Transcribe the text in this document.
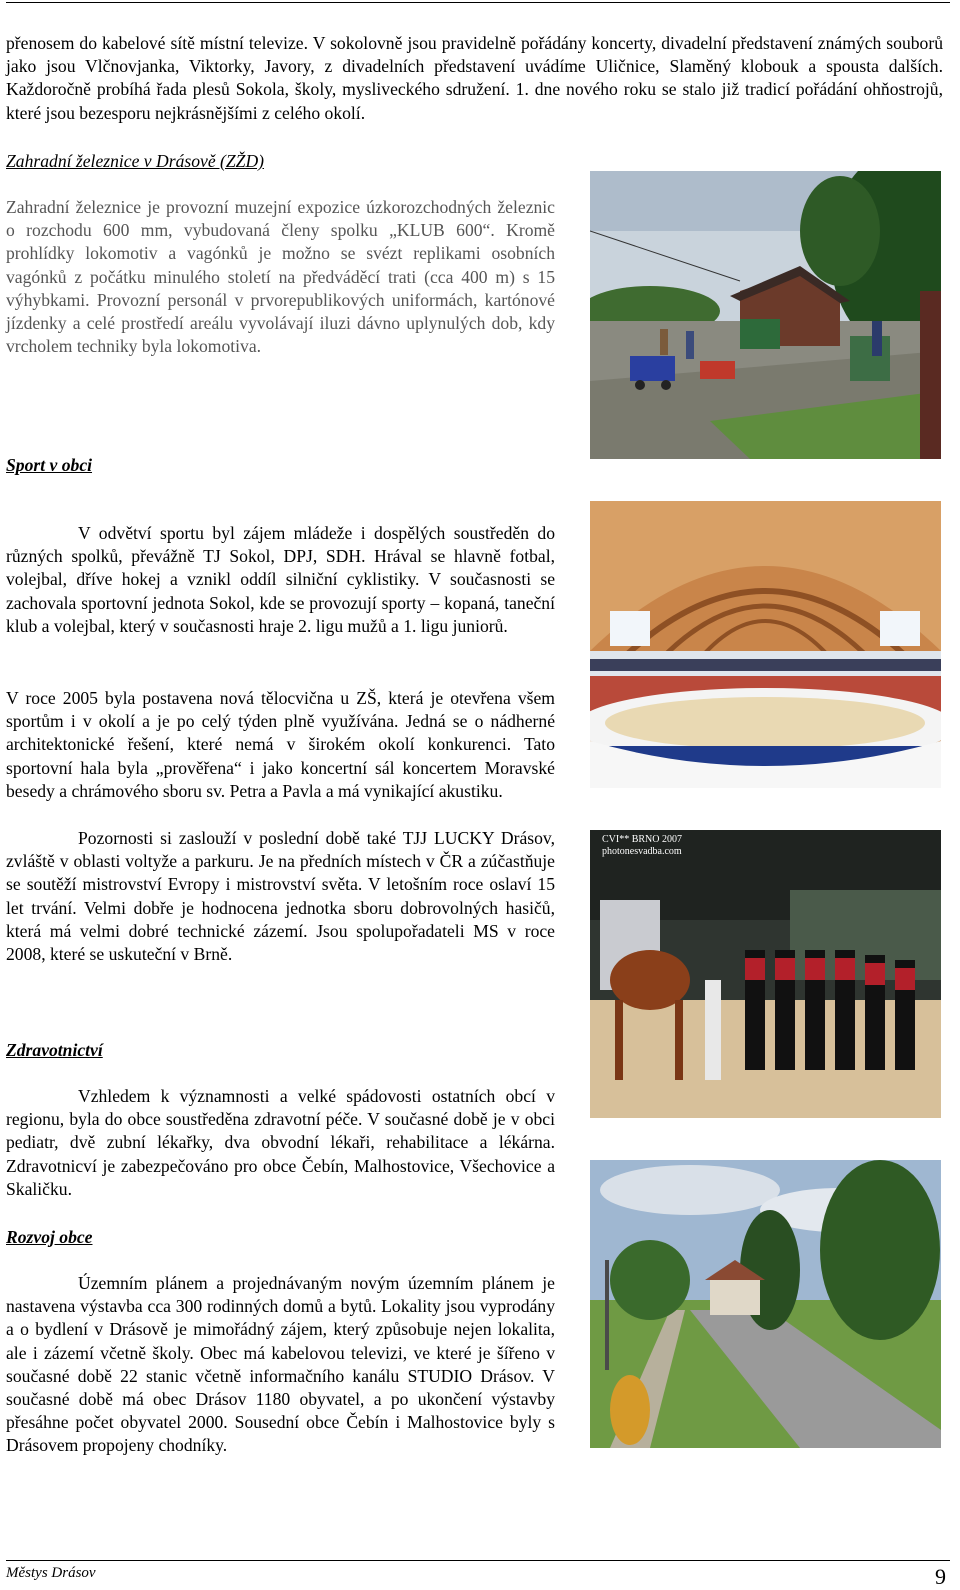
přenosem do kabelové sítě místní televize. V sokolovně jsou pravidelně pořádány koncerty, divadelní představení známých souborů jako jsou Vlčnovjanka, Viktorky, Javory, z divadelních představení uvádíme Uličnice, Slaměný klobouk a spousta dalších. Každoročně probíhá řada plesů Sokola, školy, mysliveckého sdružení. 1. dne nového roku se stalo již tradicí pořádání ohňostrojů, které jsou bezesporu nejkrásnějšími z celého okolí.

Zahradní železnice v Drásově (ZŽD)

Zahradní železnice je provozní muzejní expozice úzkorozchodných železnic o rozchodu 600 mm, vybudovaná členy spolku „KLUB 600“. Kromě prohlídky lokomotiv a vagónků je možno se svézt replikami osobních vagónků z počátku minulého století na předváděcí trati (cca 400 m) s 15 výhybkami. Provozní personál v prvorepublikových uniformách, kartónové jízdenky a celé prostředí areálu vyvolávají iluzi dávno uplynulých dob, kdy vrcholem techniky byla lokomotiva.

Sport v obci

V odvětví sportu byl zájem mládeže i dospělých soustředěn do různých spolků, převážně TJ Sokol, DPJ, SDH. Hrával se hlavně fotbal, volejbal, dříve hokej a vznikl oddíl silniční cyklistiky. V současnosti se zachovala sportovní jednota Sokol, kde se provozují sporty – kopaná, taneční klub a volejbal, který v současnosti hraje 2. ligu mužů a 1. ligu juniorů.

V roce 2005 byla postavena nová tělocvična u ZŠ, která je otevřena všem sportům i v okolí a je po celý týden plně využívána. Jedná se o nádherné architektonické řešení, které nemá v širokém okolí konkurenci. Tato sportovní hala byla „prověřena“ i jako koncertní sál koncertem Moravské besedy a chrámového sboru sv. Petra a Pavla a má vynikající akustiku.

Pozornosti si zaslouží v poslední době také TJJ LUCKY Drásov, zvláště v oblasti voltyže a parkuru. Je na předních místech v ČR a zúčastňuje se soutěží mistrovství Evropy i mistrovství světa. V letošním roce oslaví 15 let trvání. Velmi dobře je hodnocena jednotka sboru dobrovolných hasičů, která má velmi dobré technické zázemí. Jsou spolupořadateli MS v roce 2008, které se uskuteční v Brně.

CVI** BRNO 2007
photonesvadba.com

Zdravotnictví

Vzhledem k významnosti a velké spádovosti ostatních obcí v regionu, byla do obce soustředěna zdravotní péče. V současné době je v obci pediatr, dvě zubní lékařky, dva obvodní lékaři, rehabilitace a lékárna. Zdravotnicví je zabezpečováno pro obce Čebín, Malhostovice, Všechovice a Skaličku.

Rozvoj obce

Územním plánem a projednávaným novým územním plánem je nastavena výstavba cca 300 rodinných domů a bytů. Lokality jsou vyprodány a o bydlení v Drásově je mimořádný zájem, který způsobuje nejen lokalita, ale i zázemí včetně školy. Obec má kabelovou televizi, ve které je šířeno v současné době 22 stanic včetně informačního kanálu STUDIO Drásov. V současné době má obec Drásov 1180 obyvatel, a po ukončení výstavby přesáhne počet obyvatel 2000. Sousední obce Čebín i Malhostovice byly s Drásovem propojeny chodníky.

Městys Drásov	9
